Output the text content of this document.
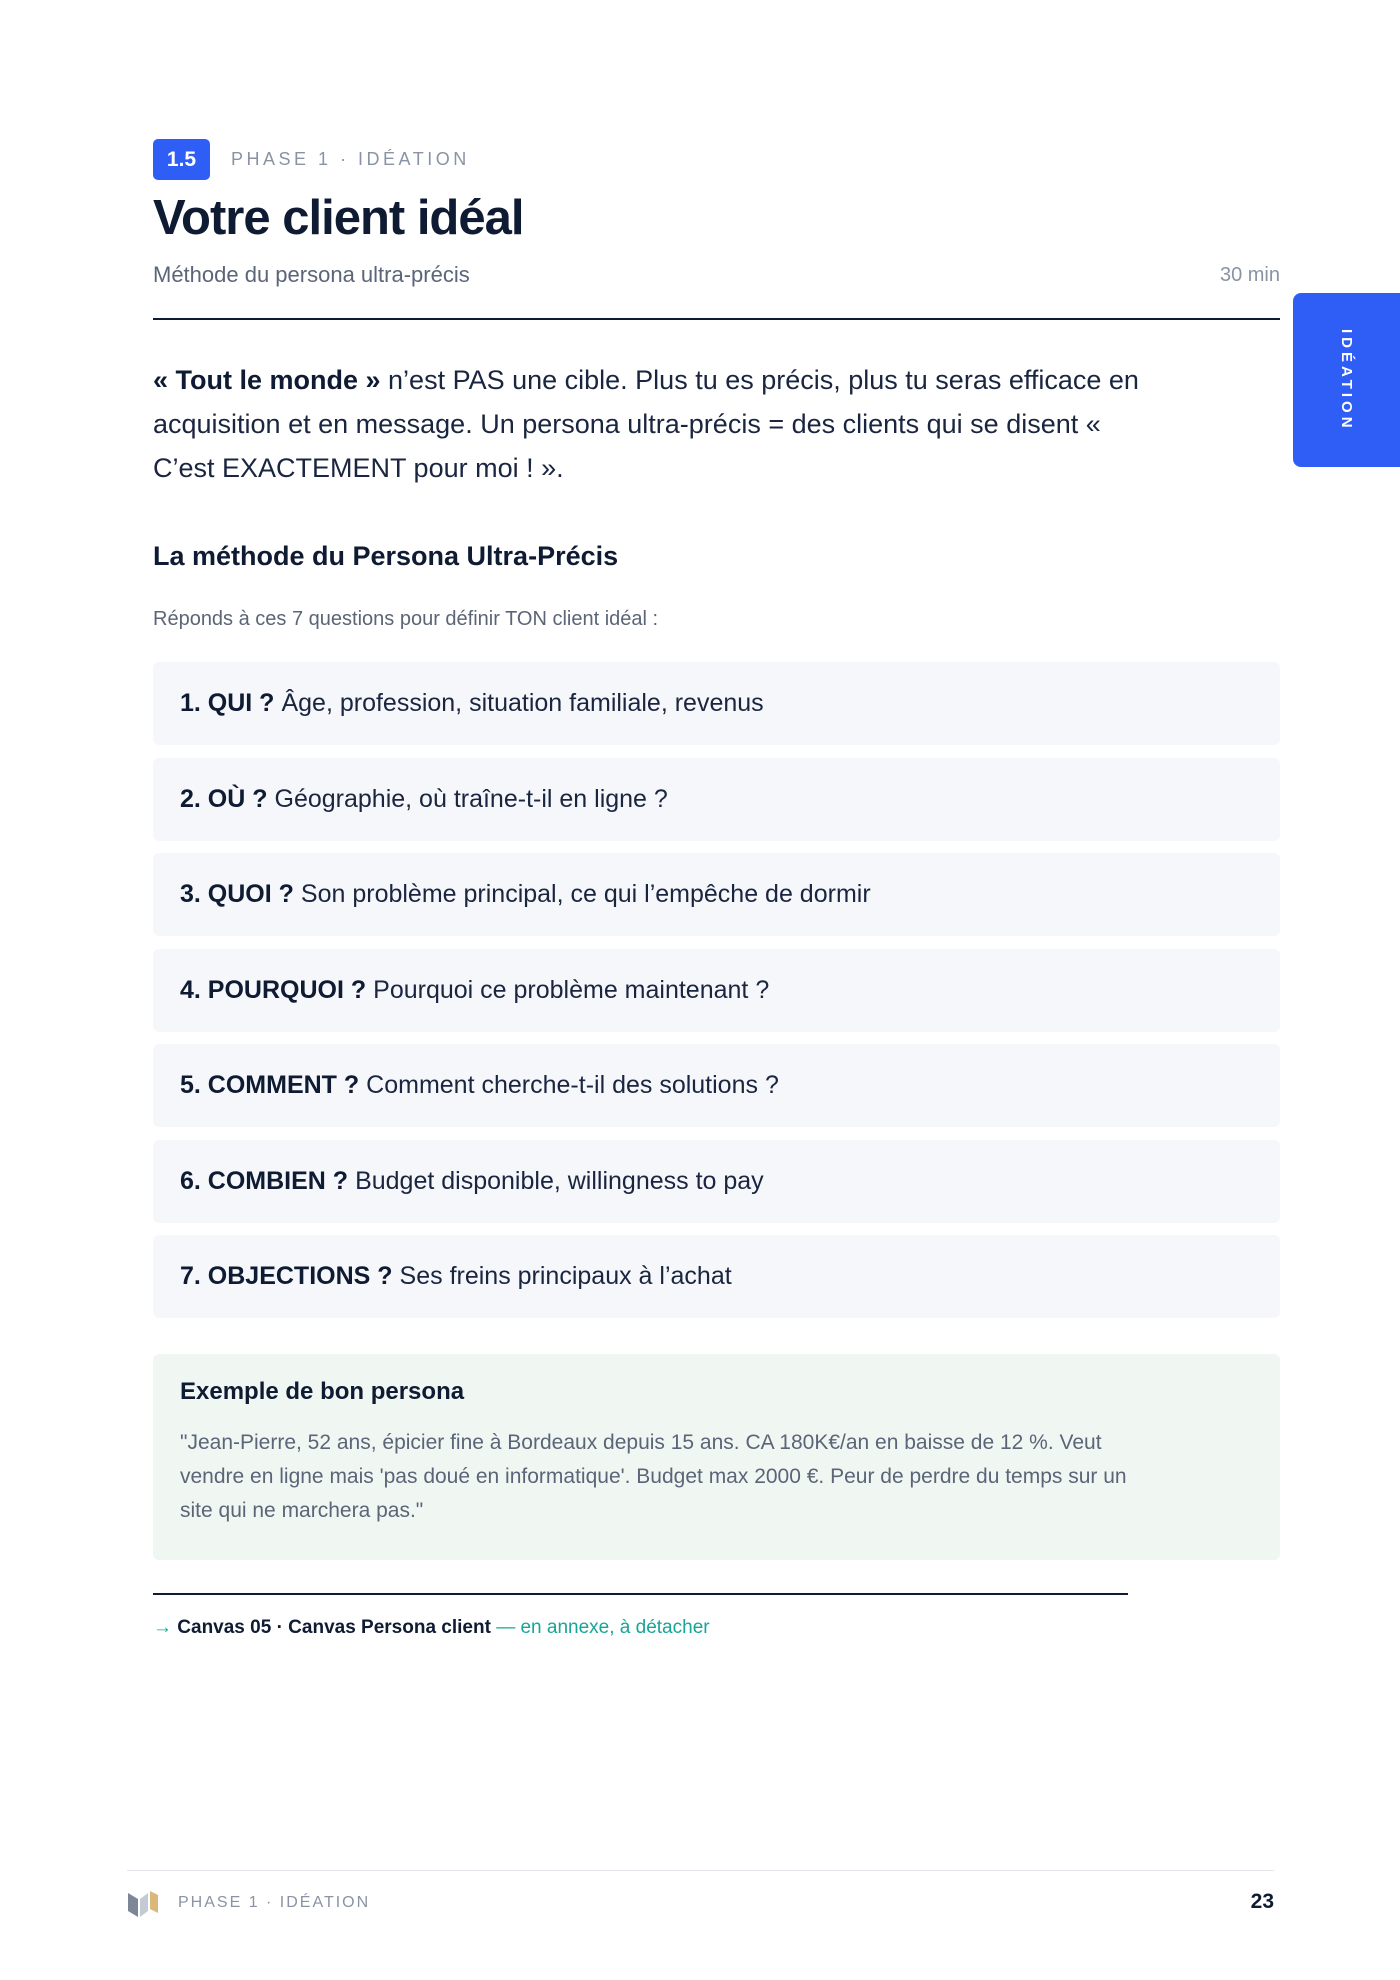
1.5	PHASE 1 · IDÉATION
Votre client idéal
Méthode du persona ultra-précis	30 min
IDÉATION

« Tout le monde » n’est PAS une cible. Plus tu es précis, plus tu seras efficace en acquisition et en message. Un persona ultra-précis = des clients qui se disent « C’est EXACTEMENT pour moi ! ».

La méthode du Persona Ultra-Précis
Réponds à ces 7 questions pour définir TON client idéal :
1. QUI ? Âge, profession, situation familiale, revenus
2. OÙ ? Géographie, où traîne-t-il en ligne ?
3. QUOI ? Son problème principal, ce qui l’empêche de dormir
4. POURQUOI ? Pourquoi ce problème maintenant ?
5. COMMENT ? Comment cherche-t-il des solutions ?
6. COMBIEN ? Budget disponible, willingness to pay
7. OBJECTIONS ? Ses freins principaux à l’achat
Exemple de bon persona

"Jean-Pierre, 52 ans, épicier fine à Bordeaux depuis 15 ans. CA 180K€/an en baisse de 12 %. Veut vendre en ligne mais 'pas doué en informatique'. Budget max 2000 €. Peur de perdre du temps sur un site qui ne marchera pas."

→ Canvas 05 · Canvas Persona client — en annexe, à détacher
PHASE 1 · IDÉATION	23
